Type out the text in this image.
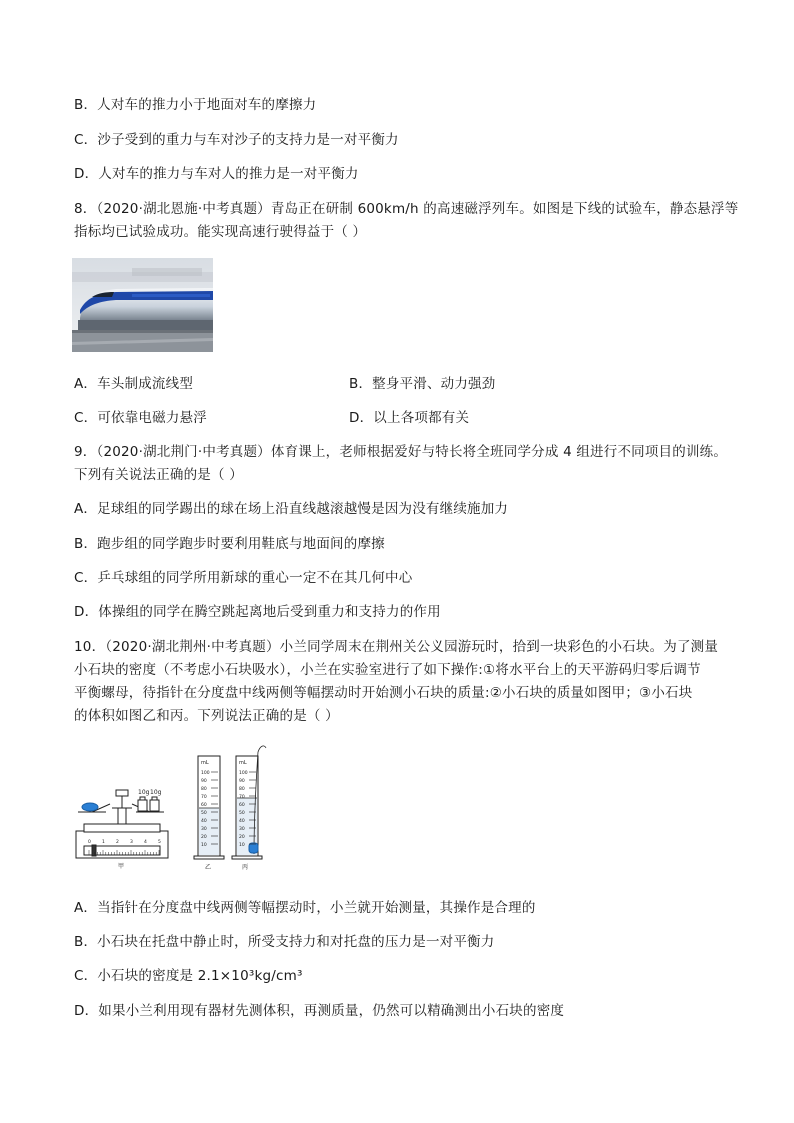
B．人对车的推力小于地面对车的摩擦力
C．沙子受到的重力与车对沙子的支持力是一对平衡力
D．人对车的推力与车对人的推力是一对平衡力
8．（2020·湖北恩施·中考真题）青岛正在研制 600km/h 的高速磁浮列车。如图是下线的试验车，静态悬浮等
指标均已试验成功。能实现高速行驶得益于（ ）
A．车头制成流线型	B．整身平滑、动力强劲
C．可依靠电磁力悬浮	D．以上各项都有关
9．（2020·湖北荆门·中考真题）体育课上，老师根据爱好与特长将全班同学分成 4 组进行不同项目的训练。
下列有关说法正确的是（ ）
A．足球组的同学踢出的球在场上沿直线越滚越慢是因为没有继续施加力
B．跑步组的同学跑步时要利用鞋底与地面间的摩擦
C．乒乓球组的同学所用新球的重心一定不在其几何中心
D．体操组的同学在腾空跳起离地后受到重力和支持力的作用
10．（2020·湖北荆州·中考真题）小兰同学周末在荆州关公义园游玩时，拾到一块彩色的小石块。为了测量
小石块的密度（不考虑小石块吸水），小兰在实验室进行了如下操作:①将水平台上的天平游码归零后调节
平衡螺母，待指针在分度盘中线两侧等幅摆动时开始测小石块的质量:②小石块的质量如图甲；③小石块
的体积如图乙和丙。下列说法正确的是（ ）
10g 10g
0 1 2 3 4 5
甲
mL
100
90
80
70
60
50
40
30
20
10
乙
mL
100
90
80
70
60
50
40
30
20
10
丙
A．当指针在分度盘中线两侧等幅摆动时，小兰就开始测量，其操作是合理的
B．小石块在托盘中静止时，所受支持力和对托盘的压力是一对平衡力
C．小石块的密度是 2.1×10³kg/cm³
D．如果小兰利用现有器材先测体积，再测质量，仍然可以精确测出小石块的密度
